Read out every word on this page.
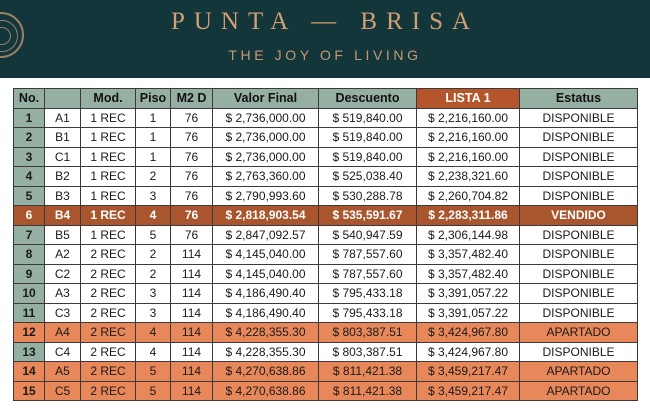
PUNTA — BRISA
THE JOY OF LIVING
No.		Mod.	Piso	M2 D	Valor Final	Descuento	LISTA 1	Estatus
1	A1	1 REC	1	76	$ 2,736,000.00	$ 519,840.00	$ 2,216,160.00	DISPONIBLE
2	B1	1 REC	1	76	$ 2,736,000.00	$ 519,840.00	$ 2,216,160.00	DISPONIBLE
3	C1	1 REC	1	76	$ 2,736,000.00	$ 519,840.00	$ 2,216,160.00	DISPONIBLE
4	B2	1 REC	2	76	$ 2,763,360.00	$ 525,038.40	$ 2,238,321.60	DISPONIBLE
5	B3	1 REC	3	76	$ 2,790,993.60	$ 530,288.78	$ 2,260,704.82	DISPONIBLE
6	B4	1 REC	4	76	$ 2,818,903.54	$ 535,591.67	$ 2,283,311.86	VENDIDO
7	B5	1 REC	5	76	$ 2,847,092.57	$ 540,947.59	$ 2,306,144.98	DISPONIBLE
8	A2	2 REC	2	114	$ 4,145,040.00	$ 787,557.60	$ 3,357,482.40	DISPONIBLE
9	C2	2 REC	2	114	$ 4,145,040.00	$ 787,557.60	$ 3,357,482.40	DISPONIBLE
10	A3	2 REC	3	114	$ 4,186,490.40	$ 795,433.18	$ 3,391,057.22	DISPONIBLE
11	C3	2 REC	3	114	$ 4,186,490.40	$ 795,433.18	$ 3,391,057.22	DISPONIBLE
12	A4	2 REC	4	114	$ 4,228,355.30	$ 803,387.51	$ 3,424,967.80	APARTADO
13	C4	2 REC	4	114	$ 4,228,355.30	$ 803,387.51	$ 3,424,967.80	DISPONIBLE
14	A5	2 REC	5	114	$ 4,270,638.86	$ 811,421.38	$ 3,459,217.47	APARTADO
15	C5	2 REC	5	114	$ 4,270,638.86	$ 811,421.38	$ 3,459,217.47	APARTADO
